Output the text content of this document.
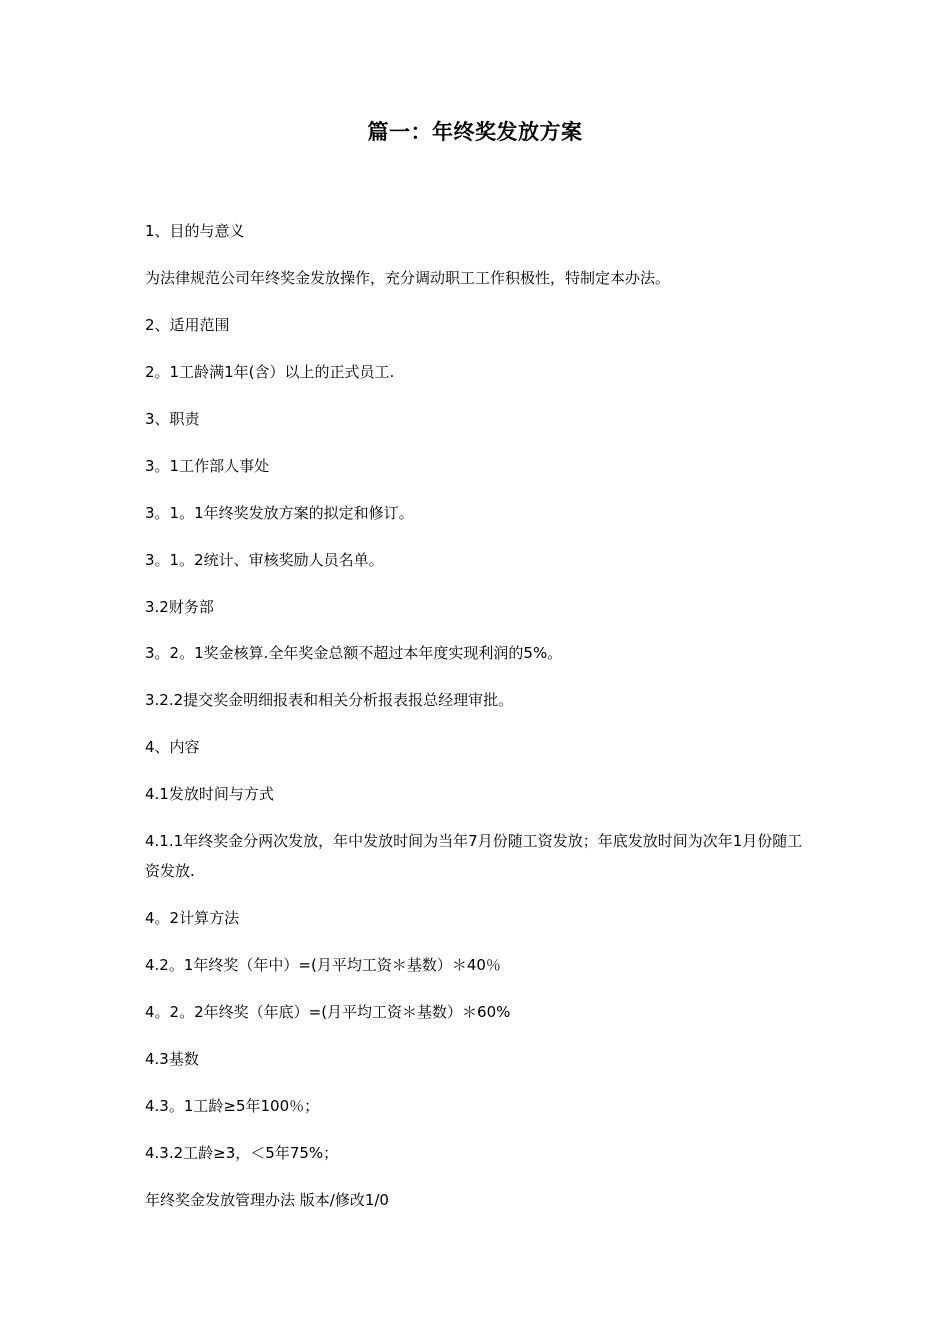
篇一：年终奖发放方案
1、目的与意义
为法律规范公司年终奖金发放操作，充分调动职工工作积极性，特制定本办法。
2、适用范围
2。1工龄满1年(含）以上的正式员工.
3、职责
3。1工作部人事处
3。1。1年终奖发放方案的拟定和修订。
3。1。2统计、审核奖励人员名单。
3.2财务部
3。2。1奖金核算.全年奖金总额不超过本年度实现利润的5%。
3.2.2提交奖金明细报表和相关分析报表报总经理审批。
4、内容
4.1发放时间与方式
4.1.1年终奖金分两次发放，年中发放时间为当年7月份随工资发放；年底发放时间为次年1月份随工资发放.
4。2计算方法
4.2。1年终奖（年中）=(月平均工资＊基数）＊40％
4。2。2年终奖（年底）=(月平均工资＊基数）＊60%
4.3基数
4.3。1工龄≥5年100％；
4.3.2工龄≥3，＜5年75%；
年终奖金发放管理办法 版本/修改1/0
